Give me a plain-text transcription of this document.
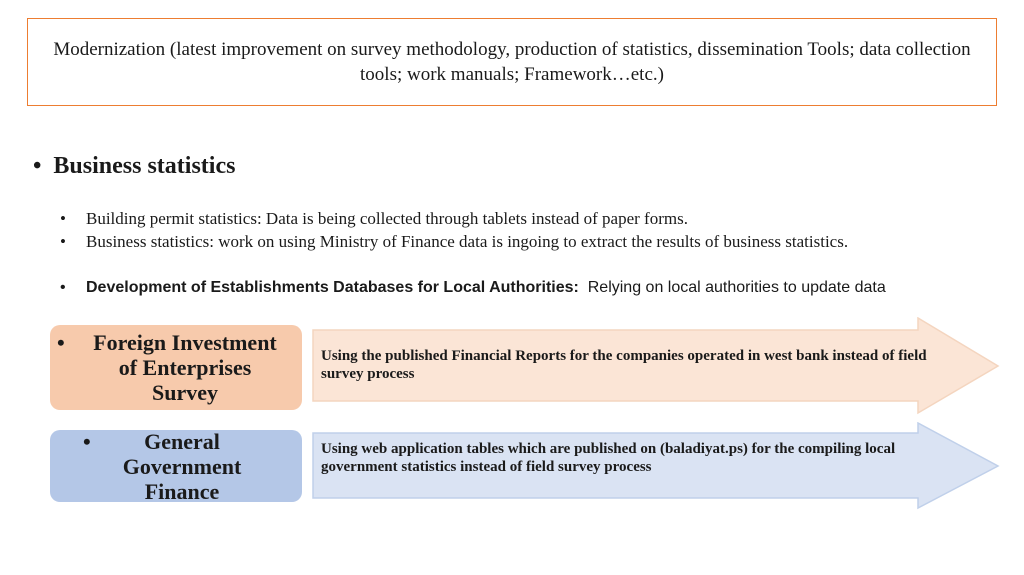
Modernization (latest improvement on survey methodology, production of statistics, dissemination Tools; data collection tools; work manuals; Framework…etc.)
• Business statistics
• Building permit statistics: Data is being collected through tablets instead of paper forms.
• Business statistics: work on using Ministry of Finance data is ingoing to extract the results of business statistics.
• Development of Establishments Databases for Local Authorities: Relying on local authorities to update data
• Foreign Investment of Enterprises Survey
Using the published Financial Reports for the companies operated in west bank instead of field survey process
• General Government Finance
Using web application tables which are published on (baladiyat.ps) for the compiling local government statistics instead of field survey process
